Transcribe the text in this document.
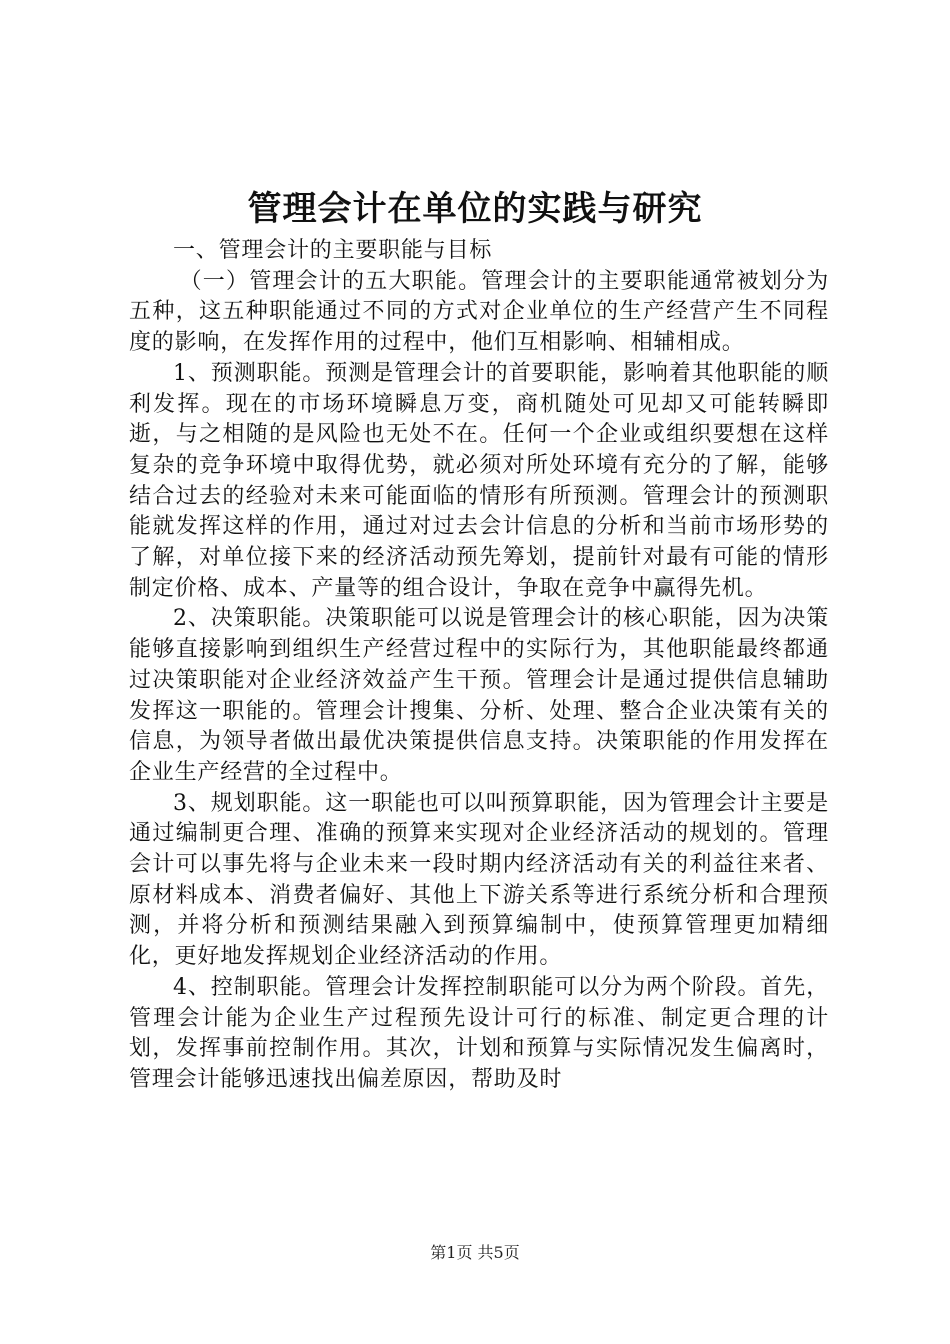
管理会计在单位的实践与研究

一、管理会计的主要职能与目标

（一）管理会计的五大职能。管理会计的主要职能通常被划分为五种，这五种职能通过不同的方式对企业单位的生产经营产生不同程度的影响，在发挥作用的过程中，他们互相影响、相辅相成。

1、预测职能。预测是管理会计的首要职能，影响着其他职能的顺利发挥。现在的市场环境瞬息万变，商机随处可见却又可能转瞬即逝，与之相随的是风险也无处不在。任何一个企业或组织要想在这样复杂的竞争环境中取得优势，就必须对所处环境有充分的了解，能够结合过去的经验对未来可能面临的情形有所预测。管理会计的预测职能就发挥这样的作用，通过对过去会计信息的分析和当前市场形势的了解，对单位接下来的经济活动预先筹划，提前针对最有可能的情形制定价格、成本、产量等的组合设计，争取在竞争中赢得先机。

2、决策职能。决策职能可以说是管理会计的核心职能，因为决策能够直接影响到组织生产经营过程中的实际行为，其他职能最终都通过决策职能对企业经济效益产生干预。管理会计是通过提供信息辅助发挥这一职能的。管理会计搜集、分析、处理、整合企业决策有关的信息，为领导者做出最优决策提供信息支持。决策职能的作用发挥在企业生产经营的全过程中。

3、规划职能。这一职能也可以叫预算职能，因为管理会计主要是通过编制更合理、准确的预算来实现对企业经济活动的规划的。管理会计可以事先将与企业未来一段时期内经济活动有关的利益往来者、原材料成本、消费者偏好、其他上下游关系等进行系统分析和合理预测，并将分析和预测结果融入到预算编制中，使预算管理更加精细化，更好地发挥规划企业经济活动的作用。

4、控制职能。管理会计发挥控制职能可以分为两个阶段。首先，管理会计能为企业生产过程预先设计可行的标准、制定更合理的计划，发挥事前控制作用。其次，计划和预算与实际情况发生偏离时，管理会计能够迅速找出偏差原因，帮助及时

第1页 共5页
